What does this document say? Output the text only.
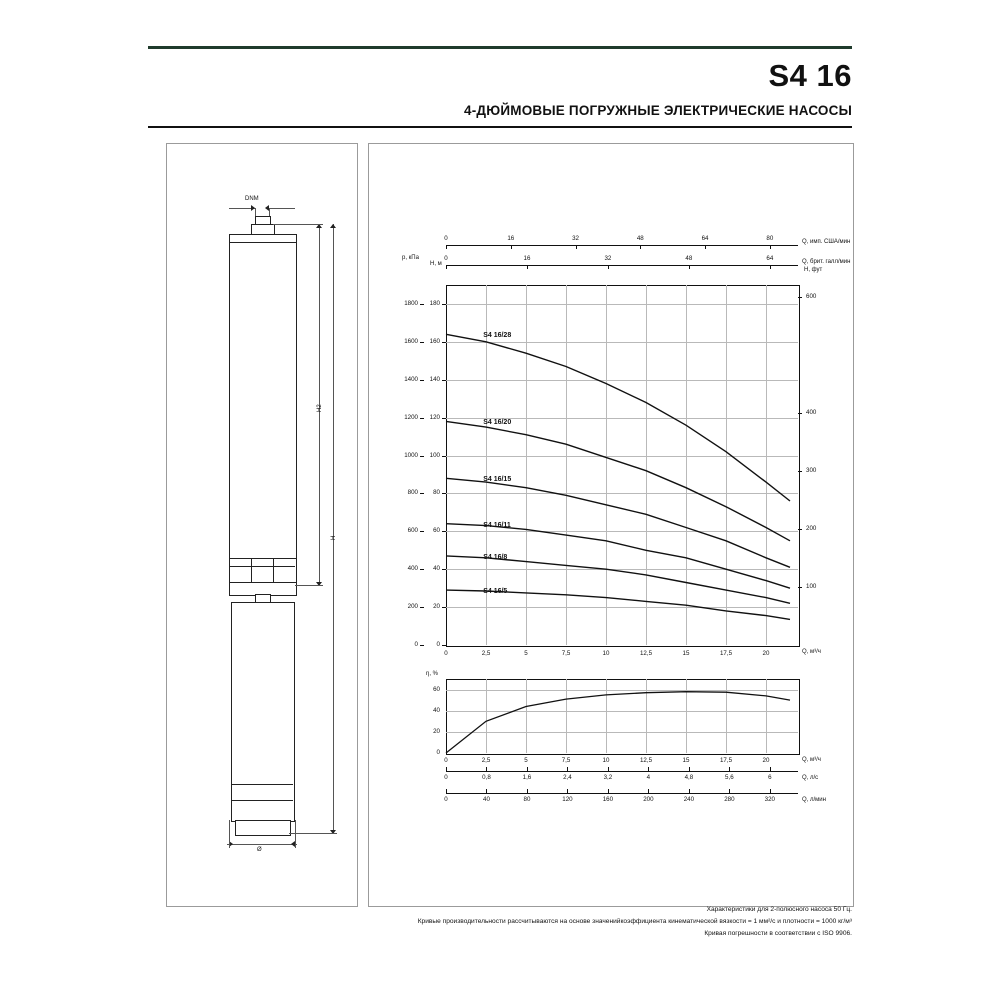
S4 16
4-ДЮЙМОВЫЕ ПОГРУЖНЫЕ ЭЛЕКТРИЧЕСКИЕ НАСОСЫ
DNM
H2
H
Ø
0	16	32	48	64	80
0	16	32	48	64
Q, имп. США/мин
Q, брит. галл/мин
S4 16/28
S4 16/20
S4 16/15
S4 16/11
S4 16/8
S4 16/5
p, кПа
H, м
0
200
400
600
800
1000
1200
1400
1600
1800
0
20
40
60
80
100
120
140
160
180
H, фут
100
200
300
400
600
0	2,5	5	7,5	10	12,5	15	17,5	20	Q, м³/ч
η, %
0
20
40
60
0	2,5	5	7,5	10	12,5	15	17,5	20	Q, м³/ч
0	0,8	1,6	2,4	3,2	4	4,8	5,6	6
0	40	80	120	160	200	240	280	320
Q, л/с
Q, л/мин
Характеристики для 2-полюсного насоса 50 Гц.
Кривые производительности рассчитываются на основе значенийкоэффициента кинематической вязкости = 1 мм²/с и плотности = 1000 кг/м³
Кривая погрешности в соответствии с ISO 9906.
